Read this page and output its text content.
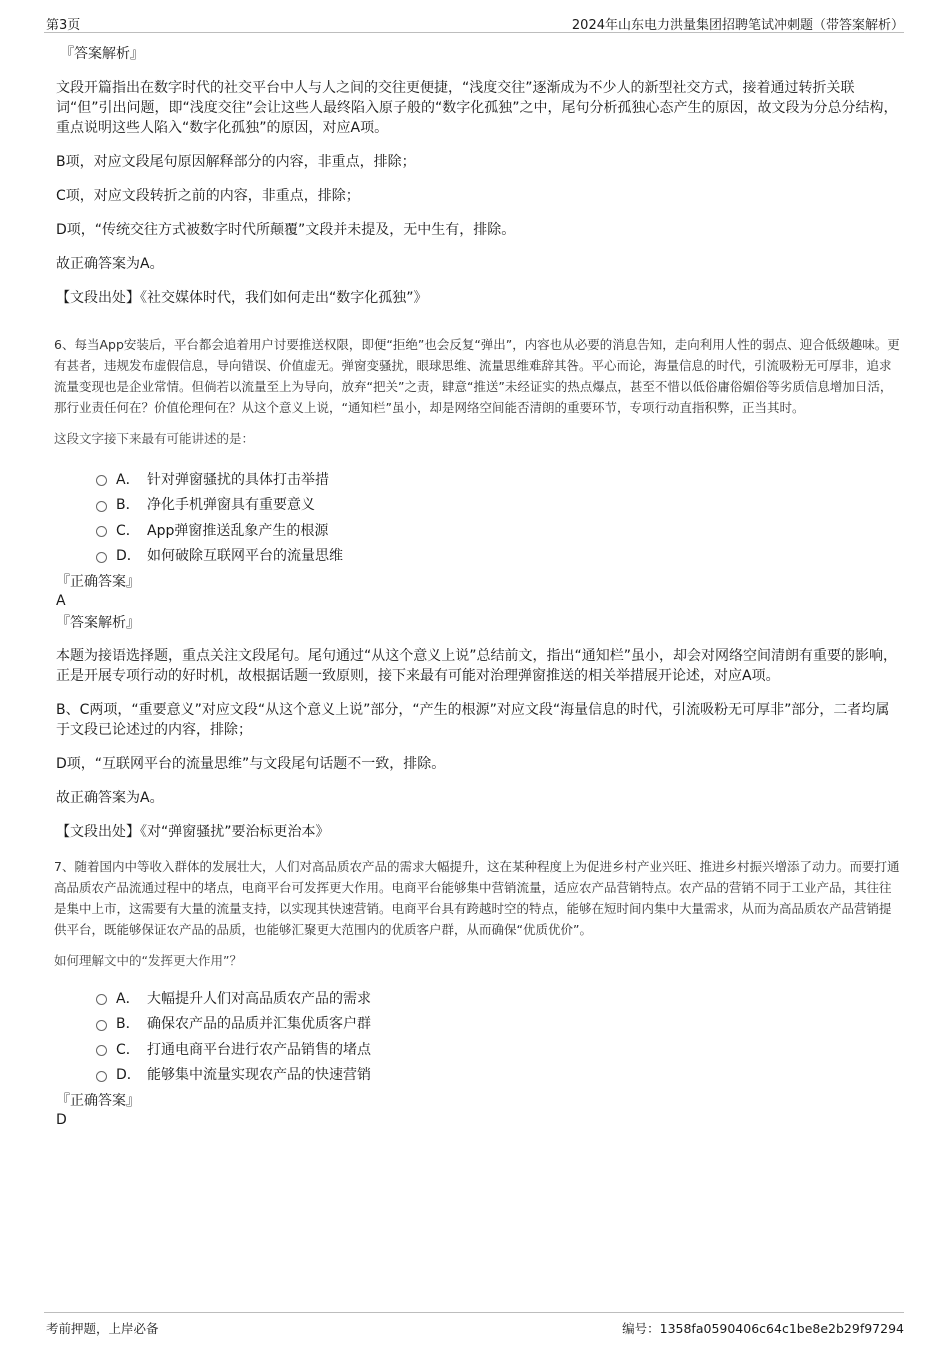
第3页	2024年山东电力洪量集团招聘笔试冲刺题（带答案解析）

『答案解析』

文段开篇指出在数字时代的社交平台中人与人之间的交往更便捷，“浅度交往”逐渐成为不少人的新型社交方式，接着通过转折关联词“但”引出问题，即“浅度交往”会让这些人最终陷入原子般的“数字化孤独”之中，尾句分析孤独心态产生的原因，故文段为分总分结构，重点说明这些人陷入“数字化孤独”的原因，对应A项。

B项，对应文段尾句原因解释部分的内容，非重点，排除；

C项，对应文段转折之前的内容，非重点，排除；

D项，“传统交往方式被数字时代所颠覆”文段并未提及，无中生有，排除。

故正确答案为A。

【文段出处】《社交媒体时代，我们如何走出“数字化孤独”》

6、每当App安装后，平台都会追着用户讨要推送权限，即便“拒绝”也会反复“弹出”，内容也从必要的消息告知，走向利用人性的弱点、迎合低级趣味。更有甚者，违规发布虚假信息，导向错误、价值虚无。弹窗变骚扰，眼球思维、流量思维难辞其咎。平心而论，海量信息的时代，引流吸粉无可厚非，追求流量变现也是企业常情。但倘若以流量至上为导向，放弃“把关”之责，肆意“推送”未经证实的热点爆点，甚至不惜以低俗庸俗媚俗等劣质信息增加日活，那行业责任何在？价值伦理何在？从这个意义上说，“通知栏”虽小，却是网络空间能否清朗的重要环节，专项行动直指积弊，正当其时。

这段文字接下来最有可能讲述的是：

A． 针对弹窗骚扰的具体打击举措
B． 净化手机弹窗具有重要意义
C． App弹窗推送乱象产生的根源
D． 如何破除互联网平台的流量思维

『正确答案』

A

『答案解析』

本题为接语选择题，重点关注文段尾句。尾句通过“从这个意义上说”总结前文，指出“通知栏”虽小，却会对网络空间清朗有重要的影响，正是开展专项行动的好时机，故根据话题一致原则，接下来最有可能对治理弹窗推送的相关举措展开论述，对应A项。

B、C两项，“重要意义”对应文段“从这个意义上说”部分，“产生的根源”对应文段“海量信息的时代，引流吸粉无可厚非”部分，二者均属于文段已论述过的内容，排除；

D项，“互联网平台的流量思维”与文段尾句话题不一致，排除。

故正确答案为A。

【文段出处】《对“弹窗骚扰”要治标更治本》

7、随着国内中等收入群体的发展壮大，人们对高品质农产品的需求大幅提升，这在某种程度上为促进乡村产业兴旺、推进乡村振兴增添了动力。而要打通高品质农产品流通过程中的堵点，电商平台可发挥更大作用。电商平台能够集中营销流量，适应农产品营销特点。农产品的营销不同于工业产品，其往往是集中上市，这需要有大量的流量支持，以实现其快速营销。电商平台具有跨越时空的特点，能够在短时间内集中大量需求，从而为高品质农产品营销提供平台，既能够保证农产品的品质，也能够汇聚更大范围内的优质客户群，从而确保“优质优价”。

如何理解文中的“发挥更大作用”？

A． 大幅提升人们对高品质农产品的需求
B． 确保农产品的品质并汇集优质客户群
C． 打通电商平台进行农产品销售的堵点
D． 能够集中流量实现农产品的快速营销

『正确答案』

D

考前押题，上岸必备	编号：1358fa0590406c64c1be8e2b29f97294
